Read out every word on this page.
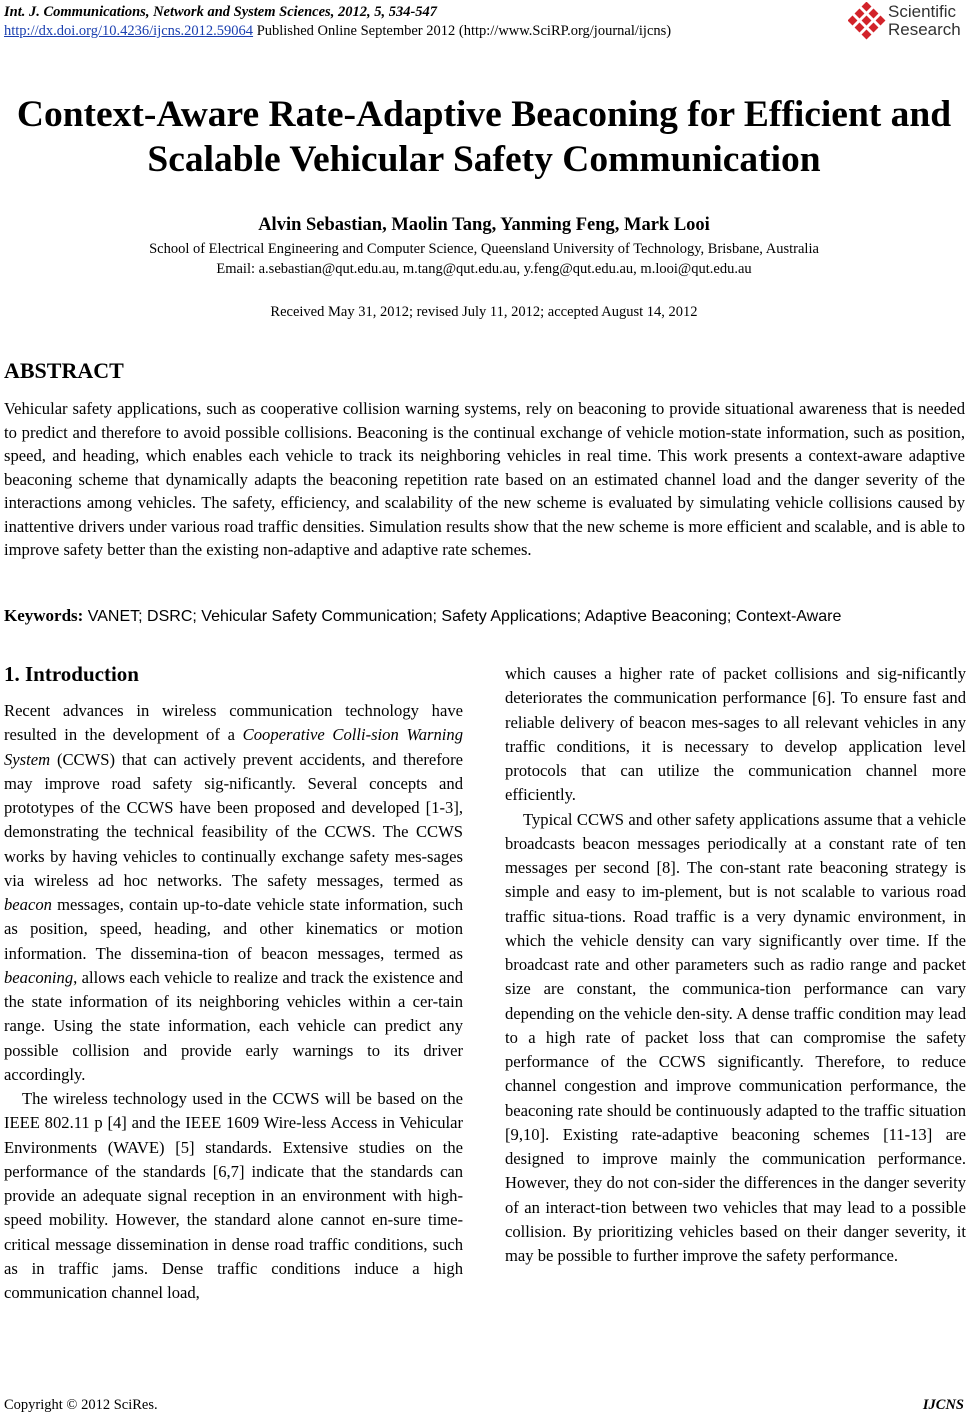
Int. J. Communications, Network and System Sciences, 2012, 5, 534-547
http://dx.doi.org/10.4236/ijcns.2012.59064 Published Online September 2012 (http://www.SciRP.org/journal/ijcns)
Scientific
Research
Context-Aware Rate-Adaptive Beaconing for Efficient and
Scalable Vehicular Safety Communication
Alvin Sebastian, Maolin Tang, Yanming Feng, Mark Looi
School of Electrical Engineering and Computer Science, Queensland University of Technology, Brisbane, Australia
Email: a.sebastian@qut.edu.au, m.tang@qut.edu.au, y.feng@qut.edu.au, m.looi@qut.edu.au
Received May 31, 2012; revised July 11, 2012; accepted August 14, 2012
ABSTRACT
Vehicular safety applications, such as cooperative collision warning systems, rely on beaconing to provide situational awareness that is needed to predict and therefore to avoid possible collisions. Beaconing is the continual exchange of vehicle motion-state information, such as position, speed, and heading, which enables each vehicle to track its neighboring vehicles in real time. This work presents a context-aware adaptive beaconing scheme that dynamically adapts the beaconing repetition rate based on an estimated channel load and the danger severity of the interactions among vehicles. The safety, efficiency, and scalability of the new scheme is evaluated by simulating vehicle collisions caused by inattentive drivers under various road traffic densities. Simulation results show that the new scheme is more efficient and scalable, and is able to improve safety better than the existing non-adaptive and adaptive rate schemes.
Keywords: VANET; DSRC; Vehicular Safety Communication; Safety Applications; Adaptive Beaconing; Context-Aware
1. Introduction

Recent advances in wireless communication technology have resulted in the development of a Cooperative Colli-sion Warning System (CCWS) that can actively prevent accidents, and therefore may improve road safety sig-nificantly. Several concepts and prototypes of the CCWS have been proposed and developed [1-3], demonstrating the technical feasibility of the CCWS. The CCWS works by having vehicles to continually exchange safety mes-sages via wireless ad hoc networks. The safety messages, termed as beacon messages, contain up-to-date vehicle state information, such as position, speed, heading, and other kinematics or motion information. The dissemina-tion of beacon messages, termed as beaconing, allows each vehicle to realize and track the existence and the state information of its neighboring vehicles within a cer-tain range. Using the state information, each vehicle can predict any possible collision and provide early warnings to its driver accordingly.

The wireless technology used in the CCWS will be based on the IEEE 802.11 p [4] and the IEEE 1609 Wire-less Access in Vehicular Environments (WAVE) [5] standards. Extensive studies on the performance of the standards [6,7] indicate that the standards can provide an adequate signal reception in an environment with high-speed mobility. However, the standard alone cannot en-sure time-critical message dissemination in dense road traffic conditions, such as in traffic jams. Dense traffic conditions induce a high communication channel load,

which causes a higher rate of packet collisions and sig-nificantly deteriorates the communication performance [6]. To ensure fast and reliable delivery of beacon mes-sages to all relevant vehicles in any traffic conditions, it is necessary to develop application level protocols that can utilize the communication channel more efficiently.

Typical CCWS and other safety applications assume that a vehicle broadcasts beacon messages periodically at a constant rate of ten messages per second [8]. The con-stant rate beaconing strategy is simple and easy to im-plement, but is not scalable to various road traffic situa-tions. Road traffic is a very dynamic environment, in which the vehicle density can vary significantly over time. If the broadcast rate and other parameters such as radio range and packet size are constant, the communica-tion performance can vary depending on the vehicle den-sity. A dense traffic condition may lead to a high rate of packet loss that can compromise the safety performance of the CCWS significantly. Therefore, to reduce channel congestion and improve communication performance, the beaconing rate should be continuously adapted to the traffic situation [9,10]. Existing rate-adaptive beaconing schemes [11-13] are designed to improve mainly the communication performance. However, they do not con-sider the differences in the danger severity of an interact-tion between two vehicles that may lead to a possible collision. By prioritizing vehicles based on their danger severity, it may be possible to further improve the safety performance.

Copyright © 2012 SciRes.	IJCNS
